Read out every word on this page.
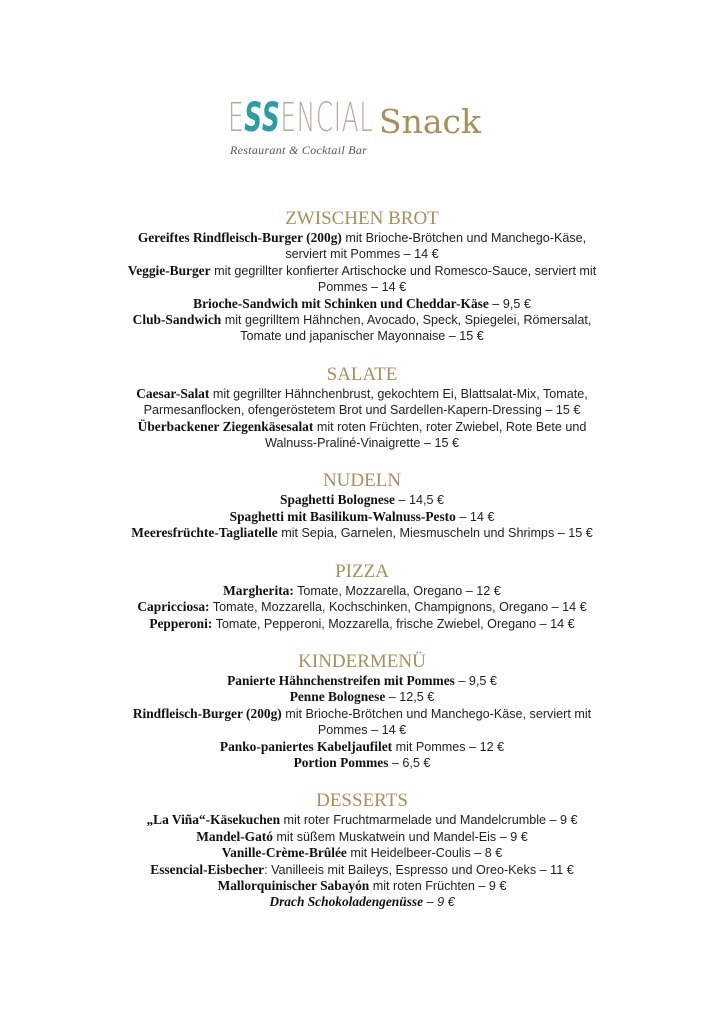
ESSENCIAL Snack
Restaurant & Cocktail Bar
ZWISCHEN BROT
Gereiftes Rindfleisch-Burger (200g) mit Brioche-Brötchen und Manchego-Käse, serviert mit Pommes – 14 €
Veggie-Burger mit gegrillter konfierter Artischocke und Romesco-Sauce, serviert mit Pommes – 14 €
Brioche-Sandwich mit Schinken und Cheddar-Käse – 9,5 €
Club-Sandwich mit gegrilltem Hähnchen, Avocado, Speck, Spiegelei, Römersalat, Tomate und japanischer Mayonnaise – 15 €
SALATE
Caesar-Salat mit gegrillter Hähnchenbrust, gekochtem Ei, Blattsalat-Mix, Tomate, Parmesanflocken, ofengeröstetem Brot und Sardellen-Kapern-Dressing – 15 €
Überbackener Ziegenkäsesalat mit roten Früchten, roter Zwiebel, Rote Bete und Walnuss-Praliné-Vinaigrette – 15 €
NUDELN
Spaghetti Bolognese – 14,5 €
Spaghetti mit Basilikum-Walnuss-Pesto – 14 €
Meeresfrüchte-Tagliatelle mit Sepia, Garnelen, Miesmuscheln und Shrimps – 15 €
PIZZA
Margherita: Tomate, Mozzarella, Oregano – 12 €
Capricciosa: Tomate, Mozzarella, Kochschinken, Champignons, Oregano – 14 €
Pepperoni: Tomate, Pepperoni, Mozzarella, frische Zwiebel, Oregano – 14 €
KINDERMENÜ
Panierte Hähnchenstreifen mit Pommes – 9,5 €
Penne Bolognese – 12,5 €
Rindfleisch-Burger (200g) mit Brioche-Brötchen und Manchego-Käse, serviert mit Pommes – 14 €
Panko-paniertes Kabeljaufilet mit Pommes – 12 €
Portion Pommes – 6,5 €
DESSERTS
„La Viña“-Käsekuchen mit roter Fruchtmarmelade und Mandelcrumble – 9 €
Mandel-Gató mit süßem Muskatwein und Mandel-Eis – 9 €
Vanille-Crème-Brûlée mit Heidelbeer-Coulis – 8 €
Essencial-Eisbecher: Vanilleeis mit Baileys, Espresso und Oreo-Keks – 11 €
Mallorquinischer Sabayón mit roten Früchten – 9 €
Drach Schokoladengenüsse – 9 €
